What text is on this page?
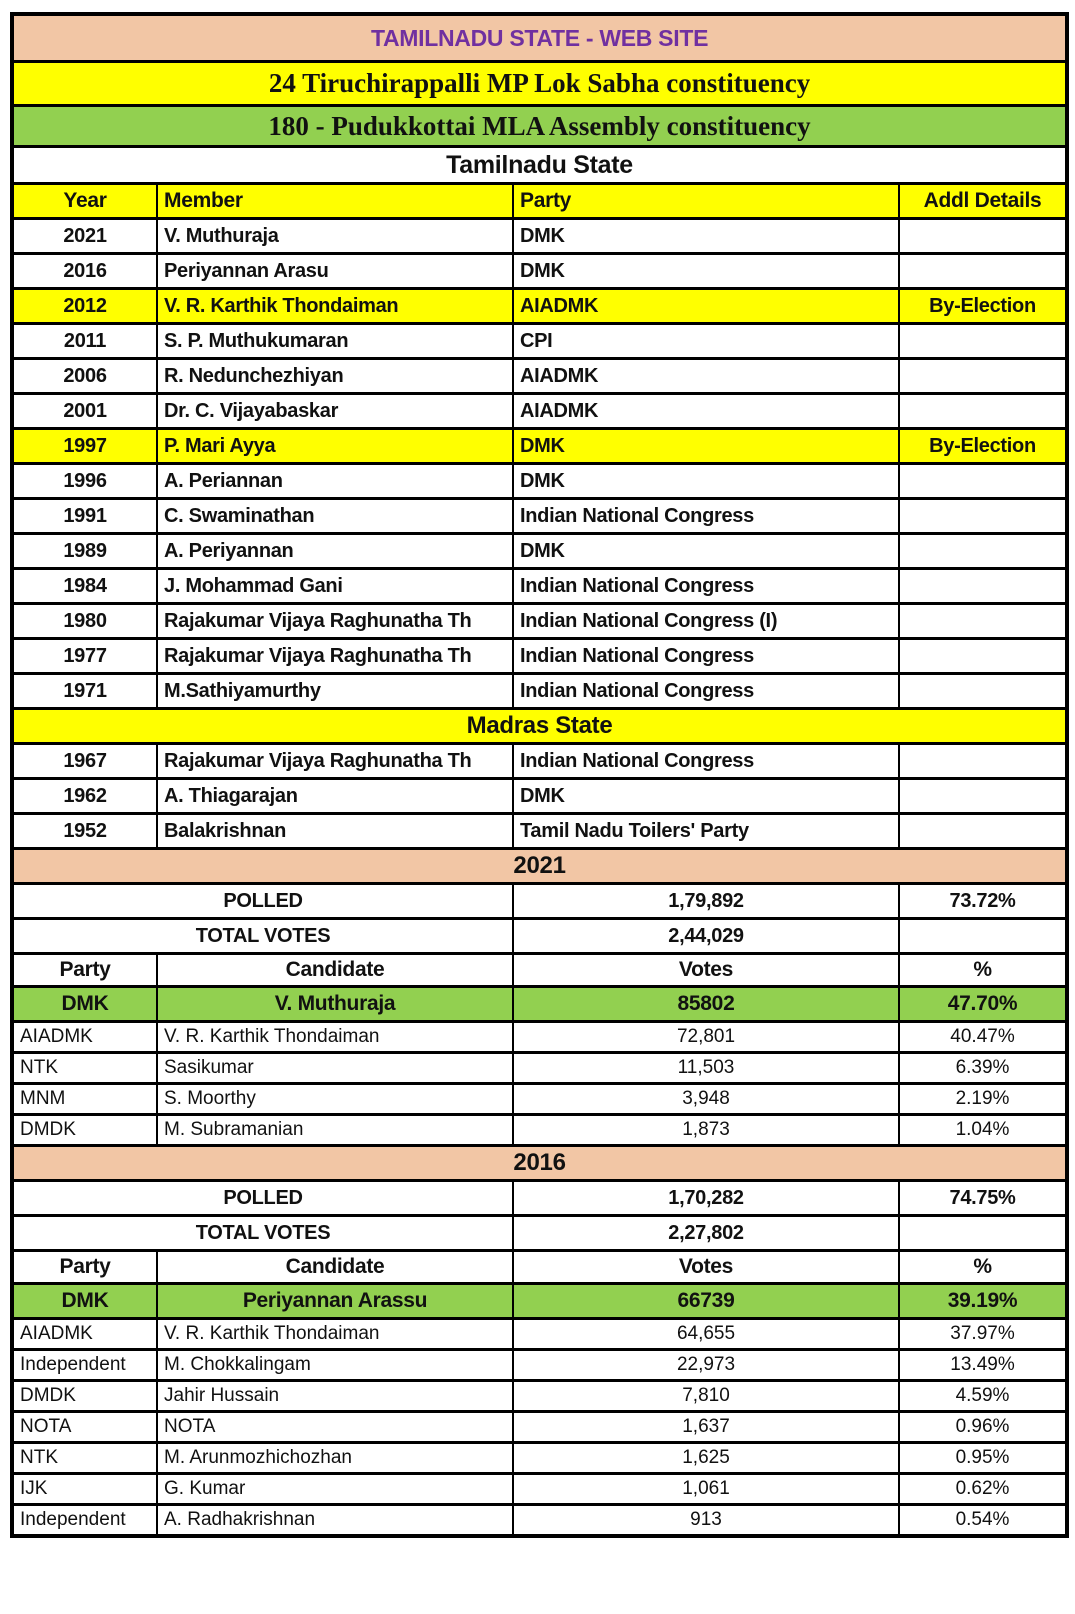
TAMILNADU STATE - WEB SITE			
24 Tiruchirappalli MP Lok Sabha constituency			
180 - Pudukkottai MLA Assembly constituency			
Tamilnadu State			
Year	Member	Party	Addl Details
2021	V. Muthuraja	DMK	
2016	Periyannan Arasu	DMK	
2012	V. R. Karthik Thondaiman	AIADMK	By-Election
2011	S. P. Muthukumaran	CPI	
2006	R. Nedunchezhiyan	AIADMK	
2001	Dr. C. Vijayabaskar	AIADMK	
1997	P. Mari Ayya	DMK	By-Election
1996	A. Periannan	DMK	
1991	C. Swaminathan	Indian National Congress	
1989	A. Periyannan	DMK	
1984	J. Mohammad Gani	Indian National Congress	
1980	Rajakumar Vijaya Raghunatha Th	Indian National Congress (I)	
1977	Rajakumar Vijaya Raghunatha Th	Indian National Congress	
1971	M.Sathiyamurthy	Indian National Congress	
Madras State			
1967	Rajakumar Vijaya Raghunatha Th	Indian National Congress	
1962	A. Thiagarajan	DMK	
1952	Balakrishnan	Tamil Nadu Toilers' Party	
2021			
POLLED		1,79,892	73.72%
TOTAL VOTES		2,44,029	
Party	Candidate	Votes	%
DMK	V. Muthuraja	85802	47.70%
AIADMK	V. R. Karthik Thondaiman	72,801	40.47%
NTK	Sasikumar	11,503	6.39%
MNM	S. Moorthy	3,948	2.19%
DMDK	M. Subramanian	1,873	1.04%
2016			
POLLED		1,70,282	74.75%
TOTAL VOTES		2,27,802	
Party	Candidate	Votes	%
DMK	Periyannan Arassu	66739	39.19%
AIADMK	V. R. Karthik Thondaiman	64,655	37.97%
Independent	M. Chokkalingam	22,973	13.49%
DMDK	Jahir Hussain	7,810	4.59%
NOTA	NOTA	1,637	0.96%
NTK	M. Arunmozhichozhan	1,625	0.95%
IJK	G. Kumar	1,061	0.62%
Independent	A. Radhakrishnan	913	0.54%
